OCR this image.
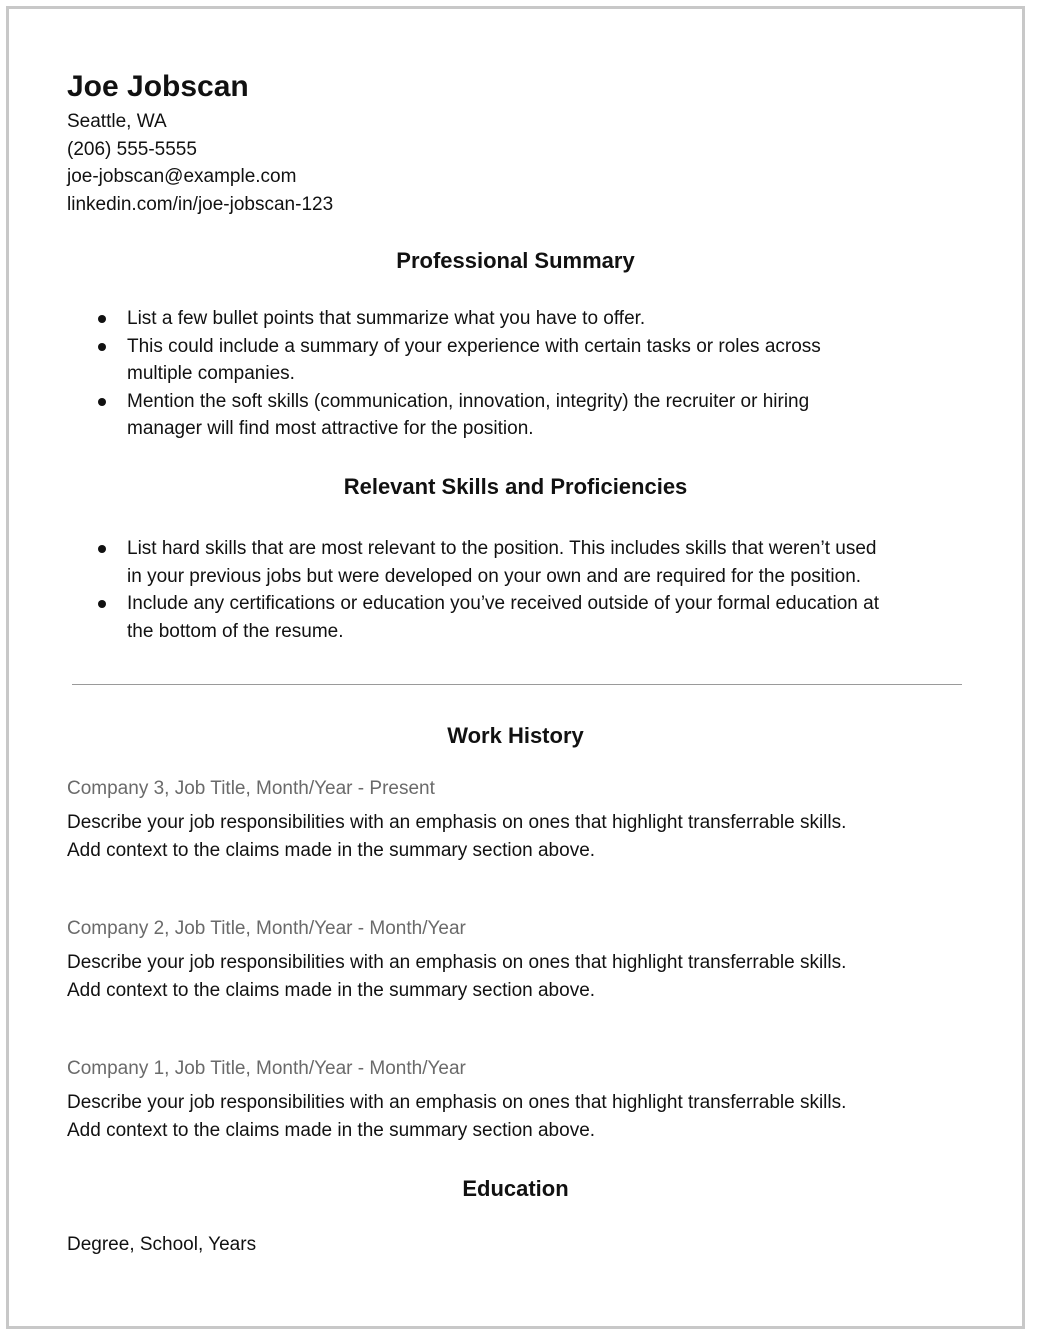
Joe Jobscan
Seattle, WA
(206) 555-5555
joe-jobscan@example.com
linkedin.com/in/joe-jobscan-123
Professional Summary
List a few bullet points that summarize what you have to offer.
This could include a summary of your experience with certain tasks or roles across
multiple companies.
Mention the soft skills (communication, innovation, integrity) the recruiter or hiring
manager will find most attractive for the position.
Relevant Skills and Proficiencies
List hard skills that are most relevant to the position. This includes skills that weren’t used
in your previous jobs but were developed on your own and are required for the position.
Include any certifications or education you’ve received outside of your formal education at
the bottom of the resume.
Work History
Company 3, Job Title, Month/Year - Present
Describe your job responsibilities with an emphasis on ones that highlight transferrable skills.
Add context to the claims made in the summary section above.
Company 2, Job Title, Month/Year - Month/Year
Describe your job responsibilities with an emphasis on ones that highlight transferrable skills.
Add context to the claims made in the summary section above.
Company 1, Job Title, Month/Year - Month/Year
Describe your job responsibilities with an emphasis on ones that highlight transferrable skills.
Add context to the claims made in the summary section above.
Education
Degree, School, Years
